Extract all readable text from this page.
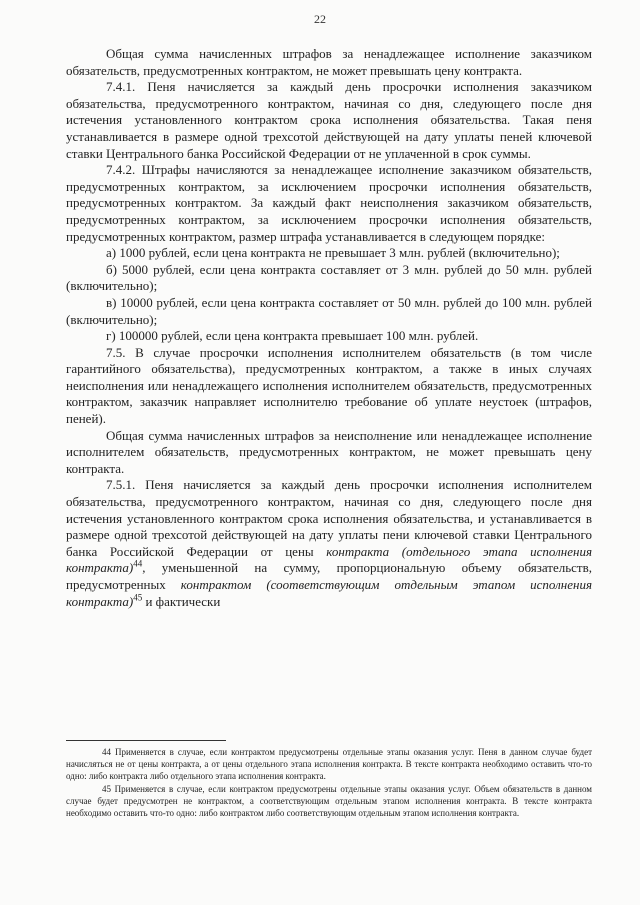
22

Общая сумма начисленных штрафов за ненадлежащее исполнение заказчиком обязательств, предусмотренных контрактом, не может превышать цену контракта.

7.4.1. Пеня начисляется за каждый день просрочки исполнения заказчиком обязательства, предусмотренного контрактом, начиная со дня, следующего после дня истечения установленного контрактом срока исполнения обязательства. Такая пеня устанавливается в размере одной трехсотой действующей на дату уплаты пеней ключевой ставки Центрального банка Российской Федерации от не уплаченной в срок суммы.

7.4.2. Штрафы начисляются за ненадлежащее исполнение заказчиком обязательств, предусмотренных контрактом, за исключением просрочки исполнения обязательств, предусмотренных контрактом. За каждый факт неисполнения заказчиком обязательств, предусмотренных контрактом, за исключением просрочки исполнения обязательств, предусмотренных контрактом, размер штрафа устанавливается в следующем порядке:

а) 1000 рублей, если цена контракта не превышает 3 млн. рублей (включительно);

б) 5000 рублей, если цена контракта составляет от 3 млн. рублей до 50 млн. рублей (включительно);

в) 10000 рублей, если цена контракта составляет от 50 млн. рублей до 100 млн. рублей (включительно);

г) 100000 рублей, если цена контракта превышает 100 млн. рублей.

7.5. В случае просрочки исполнения исполнителем обязательств (в том числе гарантийного обязательства), предусмотренных контрактом, а также в иных случаях неисполнения или ненадлежащего исполнения исполнителем обязательств, предусмотренных контрактом, заказчик направляет исполнителю требование об уплате неустоек (штрафов, пеней).

Общая сумма начисленных штрафов за неисполнение или ненадлежащее исполнение исполнителем обязательств, предусмотренных контрактом, не может превышать цену контракта.

7.5.1. Пеня начисляется за каждый день просрочки исполнения исполнителем обязательства, предусмотренного контрактом, начиная со дня, следующего после дня истечения установленного контрактом срока исполнения обязательства, и устанавливается в размере одной трехсотой действующей на дату уплаты пени ключевой ставки Центрального банка Российской Федерации от цены контракта (отдельного этапа исполнения контракта)$^{44}$, уменьшенной на сумму, пропорциональную объему обязательств, предусмотренных контрактом (соответствующим отдельным этапом исполнения контракта)$^{45}$ и фактически

44 Применяется в случае, если контрактом предусмотрены отдельные этапы оказания услуг. Пеня в данном случае будет начисляться не от цены контракта, а от цены отдельного этапа исполнения контракта. В тексте контракта необходимо оставить что-то одно: либо контракта либо отдельного этапа исполнения контракта.

45 Применяется в случае, если контрактом предусмотрены отдельные этапы оказания услуг. Объем обязательств в данном случае будет предусмотрен не контрактом, а соответствующим отдельным этапом исполнения контракта. В тексте контракта необходимо оставить что-то одно: либо контрактом либо соответствующим отдельным этапом исполнения контракта.
